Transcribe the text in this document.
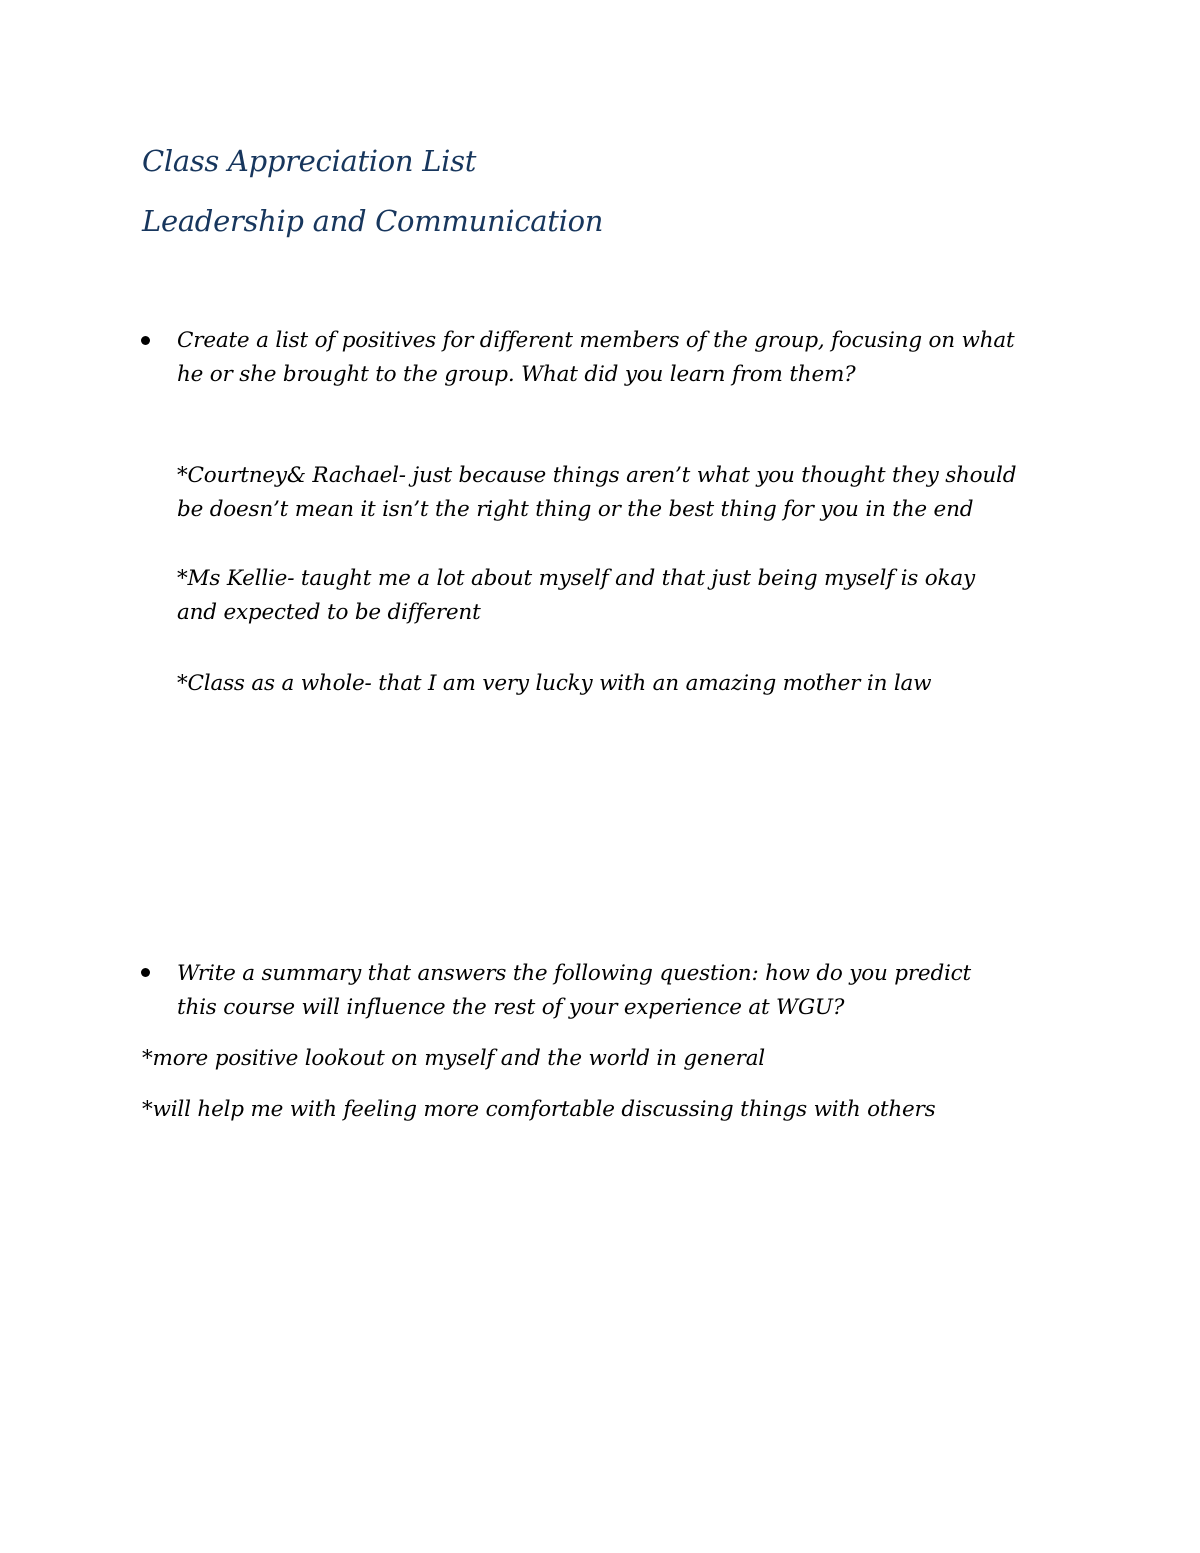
Class Appreciation List
Leadership and Communication
Create a list of positives for different members of the group, focusing on what
he or she brought to the group. What did you learn from them?
*Courtney& Rachael- just because things aren’t what you thought they should
be doesn’t mean it isn’t the right thing or the best thing for you in the end
*Ms Kellie- taught me a lot about myself and that just being myself is okay
and expected to be different
*Class as a whole- that I am very lucky with an amazing mother in law
Write a summary that answers the following question: how do you predict
this course will influence the rest of your experience at WGU?
*more positive lookout on myself and the world in general
*will help me with feeling more comfortable discussing things with others
